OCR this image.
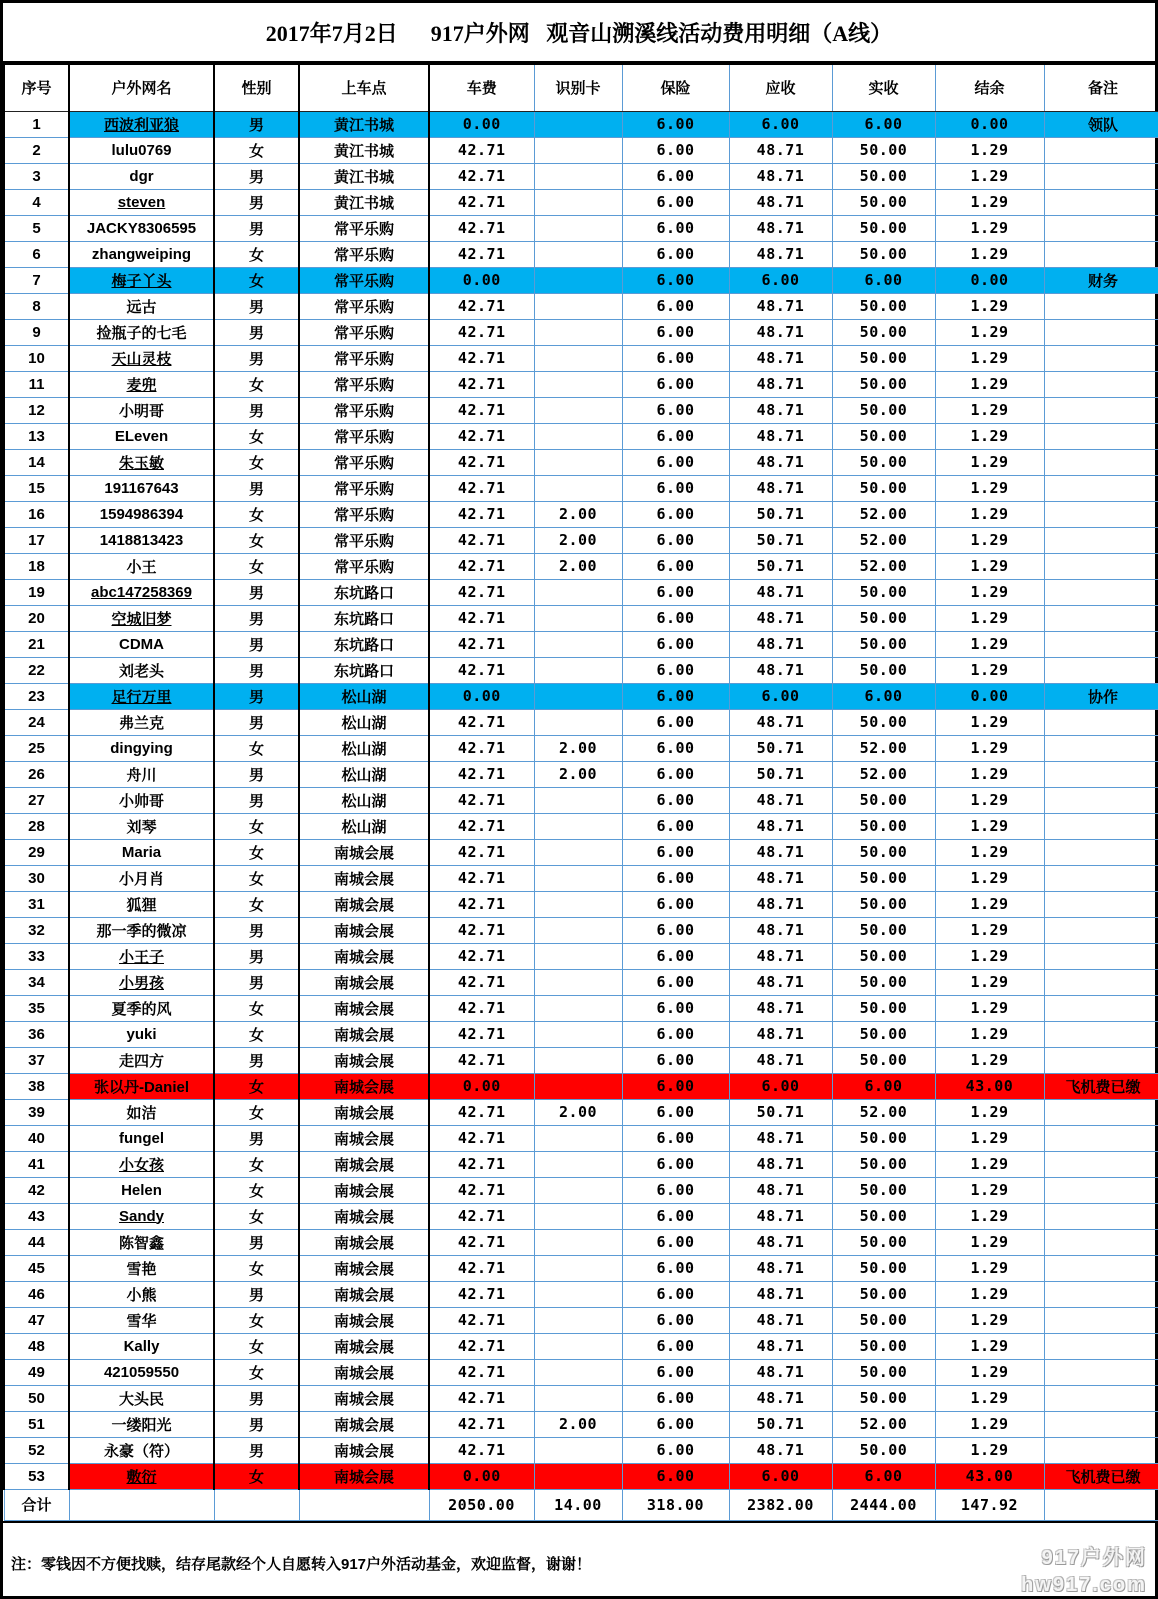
2017年7月2日      917户外网   观音山溯溪线活动费用明细（A线）
序号	户外网名	性别	上车点	车费	识别卡	保险	应收	实收	结余	备注
1	西波利亚狼	男	黄江书城	0.00		6.00	6.00	6.00	0.00	领队
2	lulu0769	女	黄江书城	42.71		6.00	48.71	50.00	1.29	
3	dgr	男	黄江书城	42.71		6.00	48.71	50.00	1.29	
4	steven	男	黄江书城	42.71		6.00	48.71	50.00	1.29	
5	JACKY8306595	男	常平乐购	42.71		6.00	48.71	50.00	1.29	
6	zhangweiping	女	常平乐购	42.71		6.00	48.71	50.00	1.29	
7	梅子丫头	女	常平乐购	0.00		6.00	6.00	6.00	0.00	财务
8	远古	男	常平乐购	42.71		6.00	48.71	50.00	1.29	
9	捡瓶子的七毛	男	常平乐购	42.71		6.00	48.71	50.00	1.29	
10	天山灵枝	男	常平乐购	42.71		6.00	48.71	50.00	1.29	
11	麦兜	女	常平乐购	42.71		6.00	48.71	50.00	1.29	
12	小明哥	男	常平乐购	42.71		6.00	48.71	50.00	1.29	
13	ELeven	女	常平乐购	42.71		6.00	48.71	50.00	1.29	
14	朱玉敏	女	常平乐购	42.71		6.00	48.71	50.00	1.29	
15	191167643	男	常平乐购	42.71		6.00	48.71	50.00	1.29	
16	1594986394	女	常平乐购	42.71	2.00	6.00	50.71	52.00	1.29	
17	1418813423	女	常平乐购	42.71	2.00	6.00	50.71	52.00	1.29	
18	小王	女	常平乐购	42.71	2.00	6.00	50.71	52.00	1.29	
19	abc147258369	男	东坑路口	42.71		6.00	48.71	50.00	1.29	
20	空城旧梦	男	东坑路口	42.71		6.00	48.71	50.00	1.29	
21	CDMA	男	东坑路口	42.71		6.00	48.71	50.00	1.29	
22	刘老头	男	东坑路口	42.71		6.00	48.71	50.00	1.29	
23	足行万里	男	松山湖	0.00		6.00	6.00	6.00	0.00	协作
24	弗兰克	男	松山湖	42.71		6.00	48.71	50.00	1.29	
25	dingying	女	松山湖	42.71	2.00	6.00	50.71	52.00	1.29	
26	舟川	男	松山湖	42.71	2.00	6.00	50.71	52.00	1.29	
27	小帅哥	男	松山湖	42.71		6.00	48.71	50.00	1.29	
28	刘琴	女	松山湖	42.71		6.00	48.71	50.00	1.29	
29	Maria	女	南城会展	42.71		6.00	48.71	50.00	1.29	
30	小月肖	女	南城会展	42.71		6.00	48.71	50.00	1.29	
31	狐狸	女	南城会展	42.71		6.00	48.71	50.00	1.29	
32	那一季的微凉	男	南城会展	42.71		6.00	48.71	50.00	1.29	
33	小王子	男	南城会展	42.71		6.00	48.71	50.00	1.29	
34	小男孩	男	南城会展	42.71		6.00	48.71	50.00	1.29	
35	夏季的风	女	南城会展	42.71		6.00	48.71	50.00	1.29	
36	yuki	女	南城会展	42.71		6.00	48.71	50.00	1.29	
37	走四方	男	南城会展	42.71		6.00	48.71	50.00	1.29	
38	张以丹-Daniel	女	南城会展	0.00		6.00	6.00	6.00	43.00	飞机费已缴
39	如洁	女	南城会展	42.71	2.00	6.00	50.71	52.00	1.29	
40	fungel	男	南城会展	42.71		6.00	48.71	50.00	1.29	
41	小女孩	女	南城会展	42.71		6.00	48.71	50.00	1.29	
42	Helen	女	南城会展	42.71		6.00	48.71	50.00	1.29	
43	Sandy	女	南城会展	42.71		6.00	48.71	50.00	1.29	
44	陈智鑫	男	南城会展	42.71		6.00	48.71	50.00	1.29	
45	雪艳	女	南城会展	42.71		6.00	48.71	50.00	1.29	
46	小熊	男	南城会展	42.71		6.00	48.71	50.00	1.29	
47	雪华	女	南城会展	42.71		6.00	48.71	50.00	1.29	
48	Kally	女	南城会展	42.71		6.00	48.71	50.00	1.29	
49	421059550	女	南城会展	42.71		6.00	48.71	50.00	1.29	
50	大头民	男	南城会展	42.71		6.00	48.71	50.00	1.29	
51	一缕阳光	男	南城会展	42.71	2.00	6.00	50.71	52.00	1.29	
52	永豪（符）	男	南城会展	42.71		6.00	48.71	50.00	1.29	
53	敷衍	女	南城会展	0.00		6.00	6.00	6.00	43.00	飞机费已缴
合计				2050.00	14.00	318.00	2382.00	2444.00	147.92	
注：零钱因不方便找赎，结存尾款经个人自愿转入917户外活动基金，欢迎监督，谢谢！	917户外网
hw917.com
